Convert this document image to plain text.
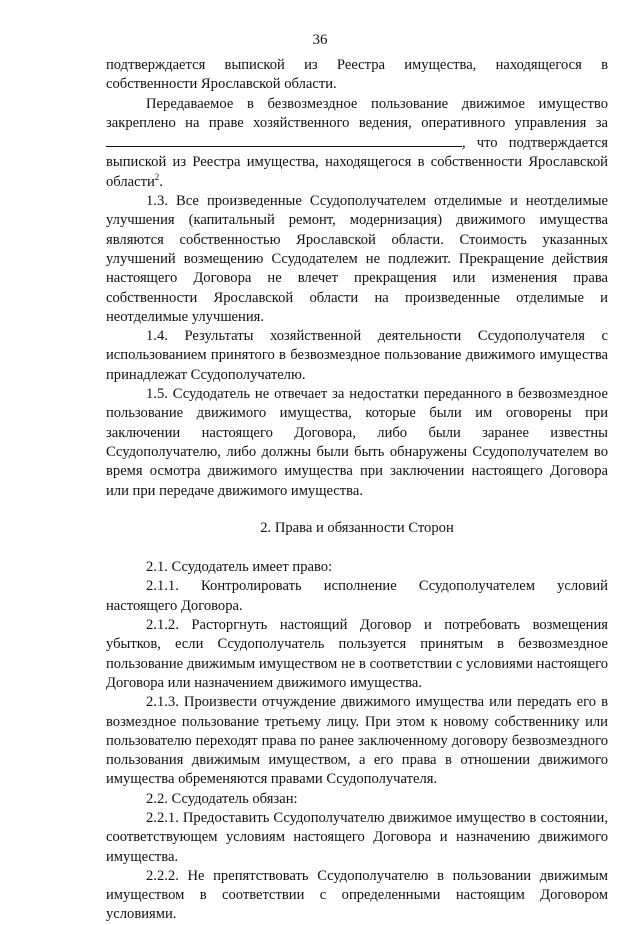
36

подтверждается выпиской из Реестра имущества, находящегося в собственности Ярославской области.

Передаваемое в безвозмездное пользование движимое имущество закреплено на праве хозяйственного ведения, оперативного управления за , что подтверждается выпиской из Реестра имущества, находящегося в собственности Ярославской области$^2$.

1.3. Все произведенные Ссудополучателем отделимые и неотделимые улучшения (капитальный ремонт, модернизация) движимого имущества являются собственностью Ярославской области. Стоимость указанных улучшений возмещению Ссудодателем не подлежит. Прекращение действия настоящего Договора не влечет прекращения или изменения права собственности Ярославской области на произведенные отделимые и неотделимые улучшения.

1.4. Результаты хозяйственной деятельности Ссудополучателя с использованием принятого в безвозмездное пользование движимого имущества принадлежат Ссудополучателю.

1.5. Ссудодатель не отвечает за недостатки переданного в безвозмездное пользование движимого имущества, которые были им оговорены при заключении настоящего Договора, либо были заранее известны Ссудополучателю, либо должны были быть обнаружены Ссудополучателем во время осмотра движимого имущества при заключении настоящего Договора или при передаче движимого имущества.

2. Права и обязанности Сторон

2.1. Ссудодатель имеет право:

2.1.1. Контролировать исполнение Ссудополучателем условий настоящего Договора.

2.1.2. Расторгнуть настоящий Договор и потребовать возмещения убытков, если Ссудополучатель пользуется принятым в безвозмездное пользование движимым имуществом не в соответствии с условиями настоящего Договора или назначением движимого имущества.

2.1.3. Произвести отчуждение движимого имущества или передать его в возмездное пользование третьему лицу. При этом к новому собственнику или пользователю переходят права по ранее заключенному договору безвозмездного пользования движимым имуществом, а его права в отношении движимого имущества обременяются правами Ссудополучателя.

2.2. Ссудодатель обязан:

2.2.1. Предоставить Ссудополучателю движимое имущество в состоянии, соответствующем условиям настоящего Договора и назначению движимого имущества.

2.2.2. Не препятствовать Ссудополучателю в пользовании движимым имуществом в соответствии с определенными настоящим Договором условиями.
